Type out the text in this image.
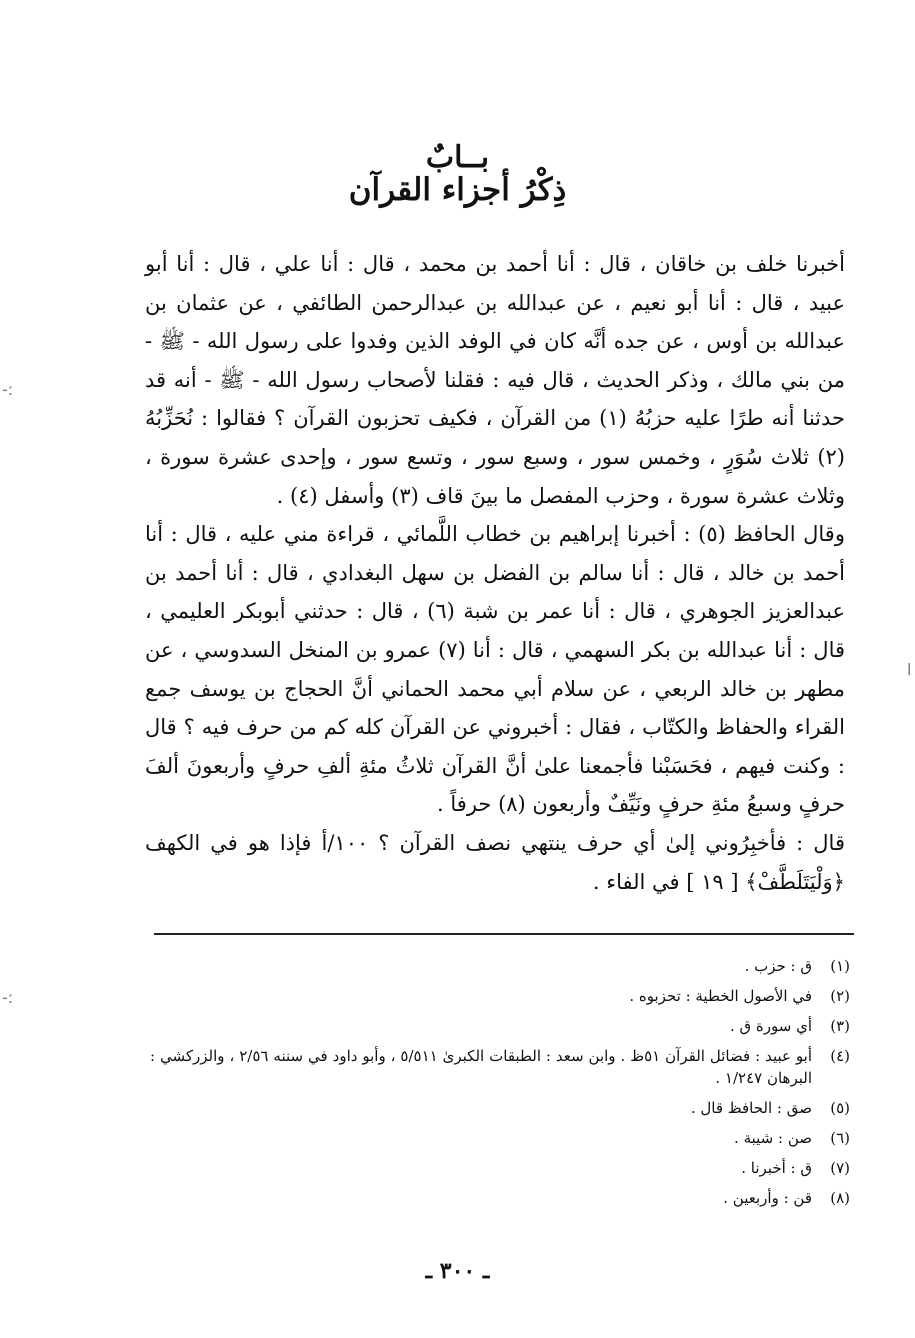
بــابٌ
ذِكْرُ أجزاء القرآن

أخبرنا خلف بن خاقان ، قال : أنا أحمد بن محمد ، قال : أنا علي ، قال : أنا أبو عبيد ، قال : أنا أبو نعيم ، عن عبدالله بن عبدالرحمن الطائفي ، عن عثمان بن عبدالله بن أوس ، عن جده أنَّه كان في الوفد الذين وفدوا على رسول الله - ﷺ - من بني مالك ، وذكر الحديث ، قال فيه : فقلنا لأصحاب رسول الله - ﷺ - أنه قد حدثنا أنه طرًا عليه حزبُهُ (١) من القرآن ، فكيف تحزبون القرآن ؟ فقالوا : نُحَزِّبُهُ (٢) ثلاث سُوَرٍ ، وخمس سور ، وسبع سور ، وتسع سور ، وإحدى عشرة سورة ، وثلاث عشرة سورة ، وحزب المفصل ما بينَ قاف (٣) وأسفل (٤) .

وقال الحافظ (٥) : أخبرنا إبراهيم بن خطاب اللَّمائي ، قراءة مني عليه ، قال : أنا أحمد بن خالد ، قال : أنا سالم بن الفضل بن سهل البغدادي ، قال : أنا أحمد بن عبدالعزيز الجوهري ، قال : أنا عمر بن شبة (٦) ، قال : حدثني أبوبكر العليمي ، قال : أنا عبدالله بن بكر السهمي ، قال : أنا (٧) عمرو بن المنخل السدوسي ، عن مطهر بن خالد الربعي ، عن سلام أبي محمد الحماني أنَّ الحجاج بن يوسف جمع القراء والحفاظ والكتّاب ، فقال : أخبروني عن القرآن كله كم من حرف فيه ؟ قال : وكنت فيهم ، فحَسَبْنا فأجمعنا علىٰ أنَّ القرآن ثلاثُ مئةِ ألفِ حرفٍ وأربعونَ ألفَ حرفٍ وسبعُ مئةِ حرفٍ ونَيِّفٌ وأربعون (٨) حرفاً .

قال : فأخبِرُوني إلىٰ أي حرف ينتهي نصف القرآن ؟ ١٠٠/أ فإذا هو في الكهف ﴿وَلْيَتَلَطَّفْ﴾ [ ١٩ ] في الفاء .

(١)
ق : حزب .
(٢)
في الأصول الخطية : تحزبوه .
(٣)
أي سورة ق .
(٤)
أبو عبيد : فضائل القرآن ٥١ظ . وابن سعد : الطبقات الكبرىٰ ٥/٥١١ ، وأبو داود في سننه ٢/٥٦ ، والزركشي : البرهان ١/٢٤٧ .
(٥)
صق : الحافظ قال .
(٦)
صن : شيبة .
(٧)
ق : أخبرنا .
(٨)
قن : وأربعين .
ـ ٣٠٠ ـ
ا
-:
-:
